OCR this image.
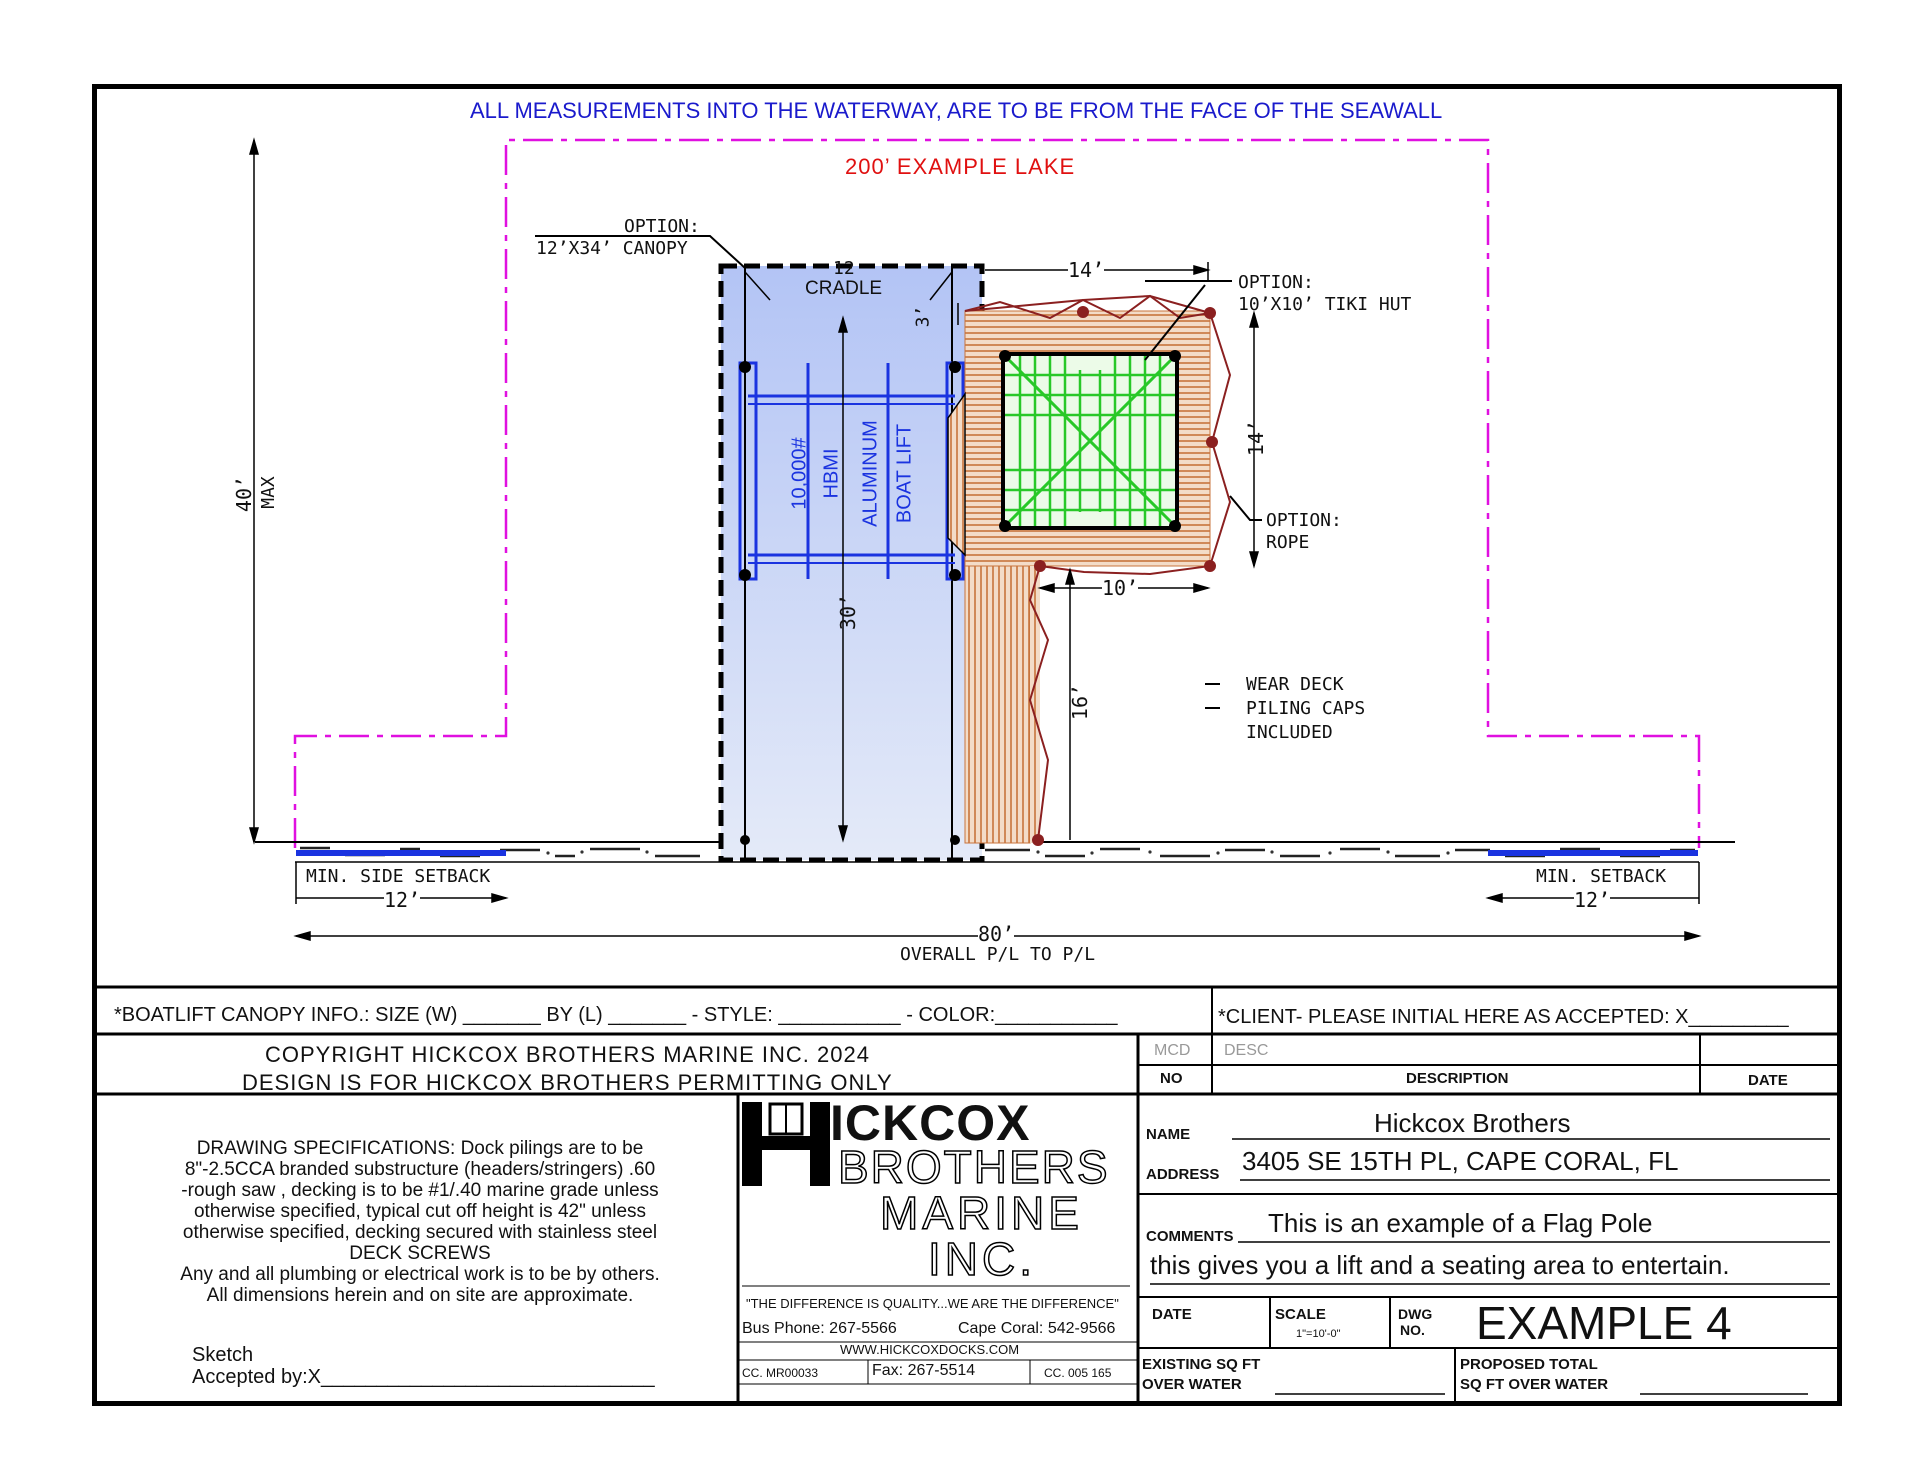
ALL MEASUREMENTS INTO THE WATERWAY, ARE TO BE FROM THE FACE OF THE SEAWALL
200’ EXAMPLE LAKE
OPTION:
12’X34’ CANOPY
12
CRADLE
10,000# HBMI ALUMINUM BOAT LIFT
30’
3’
14’
14’
10’
16’
OPTION:
10’X10’ TIKI HUT
OPTION:
ROPE
WEAR DECK
PILING CAPS
INCLUDED
40’ MAX
MIN. SIDE SETBACK
12’
MIN. SETBACK
12’
80’
OVERALL P/L TO P/L
*BOATLIFT CANOPY INFO.: SIZE (W) _______ BY (L) _______ - STYLE: ___________ - COLOR:___________	*CLIENT- PLEASE INITIAL HERE AS ACCEPTED: X_________
COPYRIGHT HICKCOX BROTHERS MARINE INC. 2024
DESIGN IS FOR HICKCOX BROTHERS PERMITTING ONLY
MCD DESC
NO	DESCRIPTION	DATE
DRAWING SPECIFICATIONS: Dock pilings are to be
8"-2.5CCA branded substructure (headers/stringers) .60
-rough saw , decking is to be #1/.40 marine grade unless
otherwise specified, typical cut off height is 42" unless
otherwise specified, decking secured with stainless steel
DECK SCREWS
Any and all plumbing or electrical work is to be by others.
All dimensions herein and on site are approximate.
Sketch
Accepted by:X______________________________
ICKCOX
BROTHERS
MARINE
INC.
"THE DIFFERENCE IS QUALITY...WE ARE THE DIFFERENCE"
Bus Phone: 267-5566	Cape Coral: 542-9566
WWW.HICKCOXDOCKS.COM
CC. MR00033	Fax: 267-5514	CC. 005 165
NAME	Hickcox Brothers
ADDRESS 3405 SE 15TH PL, CAPE CORAL, FL
COMMENTS This is an example of a Flag Pole
this gives you a lift and a seating area to entertain.
DATE	SCALE
1"=10'-0"
DWG
NO. EXAMPLE 4
EXISTING SQ FT
OVER WATER
PROPOSED TOTAL
SQ FT OVER WATER
